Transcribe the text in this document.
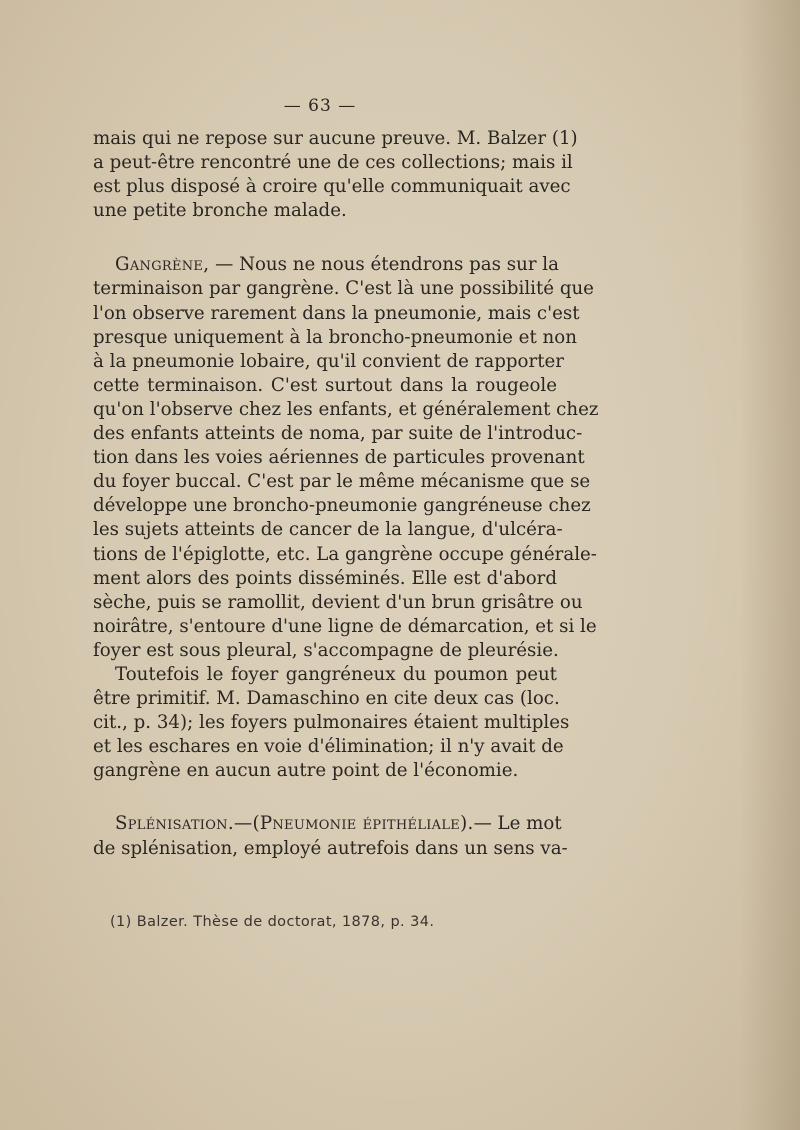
— 63 —

mais qui ne repose sur aucune preuve. M. Balzer (1)
a peut-être rencontré une de ces collections; mais il
est plus disposé à croire qu'elle communiquait avec
une petite bronche malade.

Gangrène, — Nous ne nous étendrons pas sur la
terminaison par gangrène. C'est là une possibilité que
l'on observe rarement dans la pneumonie, mais c'est
presque uniquement à la broncho-pneumonie et non
à la pneumonie lobaire, qu'il convient de rapporter
cette terminaison. C'est surtout dans la rougeole
qu'on l'observe chez les enfants, et généralement chez
des enfants atteints de noma, par suite de l'introduc-
tion dans les voies aériennes de particules provenant
du foyer buccal. C'est par le même mécanisme que se
développe une broncho-pneumonie gangréneuse chez
les sujets atteints de cancer de la langue, d'ulcéra-
tions de l'épiglotte, etc. La gangrène occupe générale-
ment alors des points disséminés. Elle est d'abord
sèche, puis se ramollit, devient d'un brun grisâtre ou
noirâtre, s'entoure d'une ligne de démarcation, et si le
foyer est sous pleural, s'accompagne de pleurésie.

Toutefois le foyer gangréneux du poumon peut
être primitif. M. Damaschino en cite deux cas (loc.
cit., p. 34); les foyers pulmonaires étaient multiples
et les eschares en voie d'élimination; il n'y avait de
gangrène en aucun autre point de l'économie.

Splénisation.—(Pneumonie épithéliale).— Le mot
de splénisation, employé autrefois dans un sens va-

(1) Balzer. Thèse de doctorat, 1878, p. 34.
